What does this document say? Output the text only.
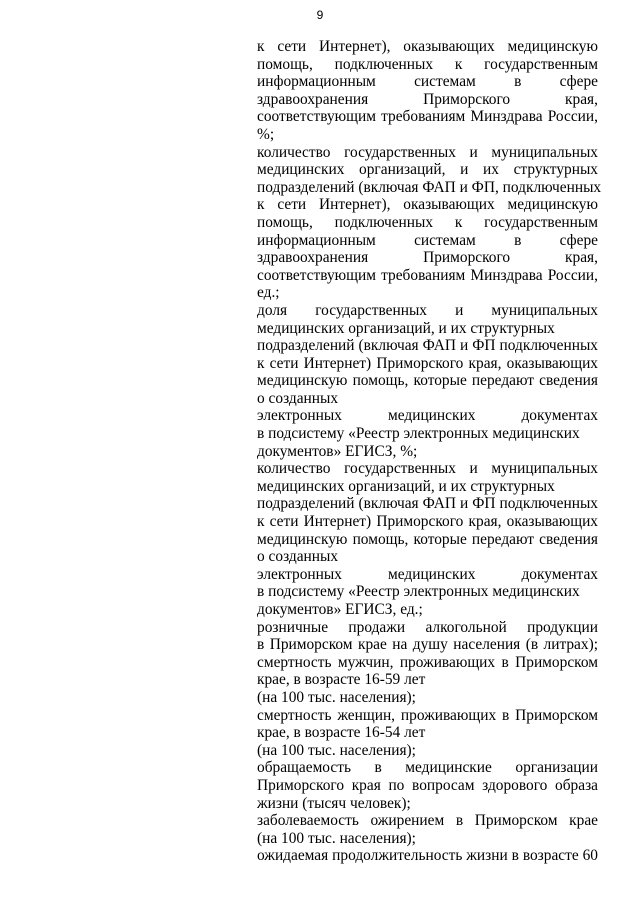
9
к сети Интернет), оказывающих медицинскую
помощь, подключенных к государственным
информационным системам в сфере
здравоохранения Приморского края,
соответствующим требованиям Минздрава России,
%;
количество государственных и муниципальных
медицинских организаций, и их структурных
подразделений (включая ФАП и ФП, подключенных
к сети Интернет), оказывающих медицинскую
помощь, подключенных к государственным
информационным системам в сфере
здравоохранения Приморского края,
соответствующим требованиям Минздрава России,
ед.;
доля государственных и муниципальных
медицинских организаций, и их структурных
подразделений (включая ФАП и ФП подключенных
к сети Интернет) Приморского края, оказывающих
медицинскую помощь, которые передают сведения
о созданных
электронных медицинских документах
в подсистему «Реестр электронных медицинских
документов» ЕГИСЗ, %;
количество государственных и муниципальных
медицинских организаций, и их структурных
подразделений (включая ФАП и ФП подключенных
к сети Интернет) Приморского края, оказывающих
медицинскую помощь, которые передают сведения
о созданных
электронных медицинских документах
в подсистему «Реестр электронных медицинских
документов» ЕГИСЗ, ед.;
розничные продажи алкогольной продукции
в Приморском крае на душу населения (в литрах);
смертность мужчин, проживающих в Приморском
крае, в возрасте 16-59 лет
(на 100 тыс. населения);
смертность женщин, проживающих в Приморском
крае, в возрасте 16-54 лет
(на 100 тыс. населения);
обращаемость в медицинские организации
Приморского края по вопросам здорового образа
жизни (тысяч человек);
заболеваемость ожирением в Приморском крае
(на 100 тыс. населения);
ожидаемая продолжительность жизни в возрасте 60
